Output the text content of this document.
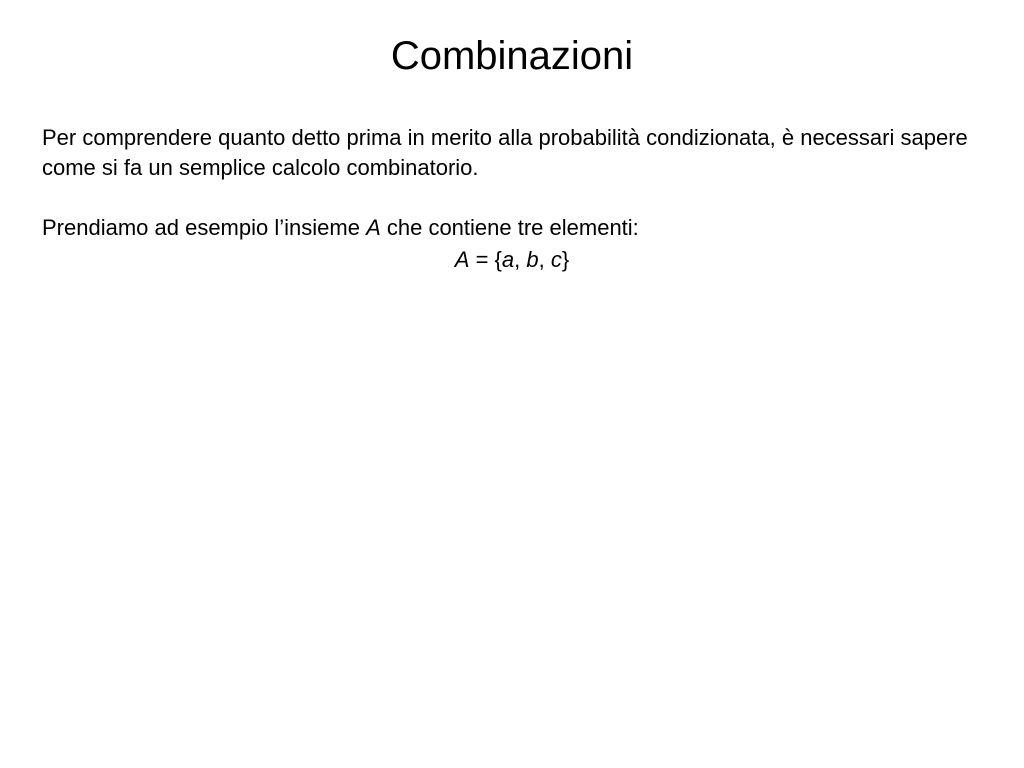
Combinazioni

Per comprendere quanto detto prima in merito alla probabilità condizionata, è necessari sapere come si fa un semplice calcolo combinatorio.

Prendiamo ad esempio l’insieme A che contiene tre elementi:

A = {a, b, c}
